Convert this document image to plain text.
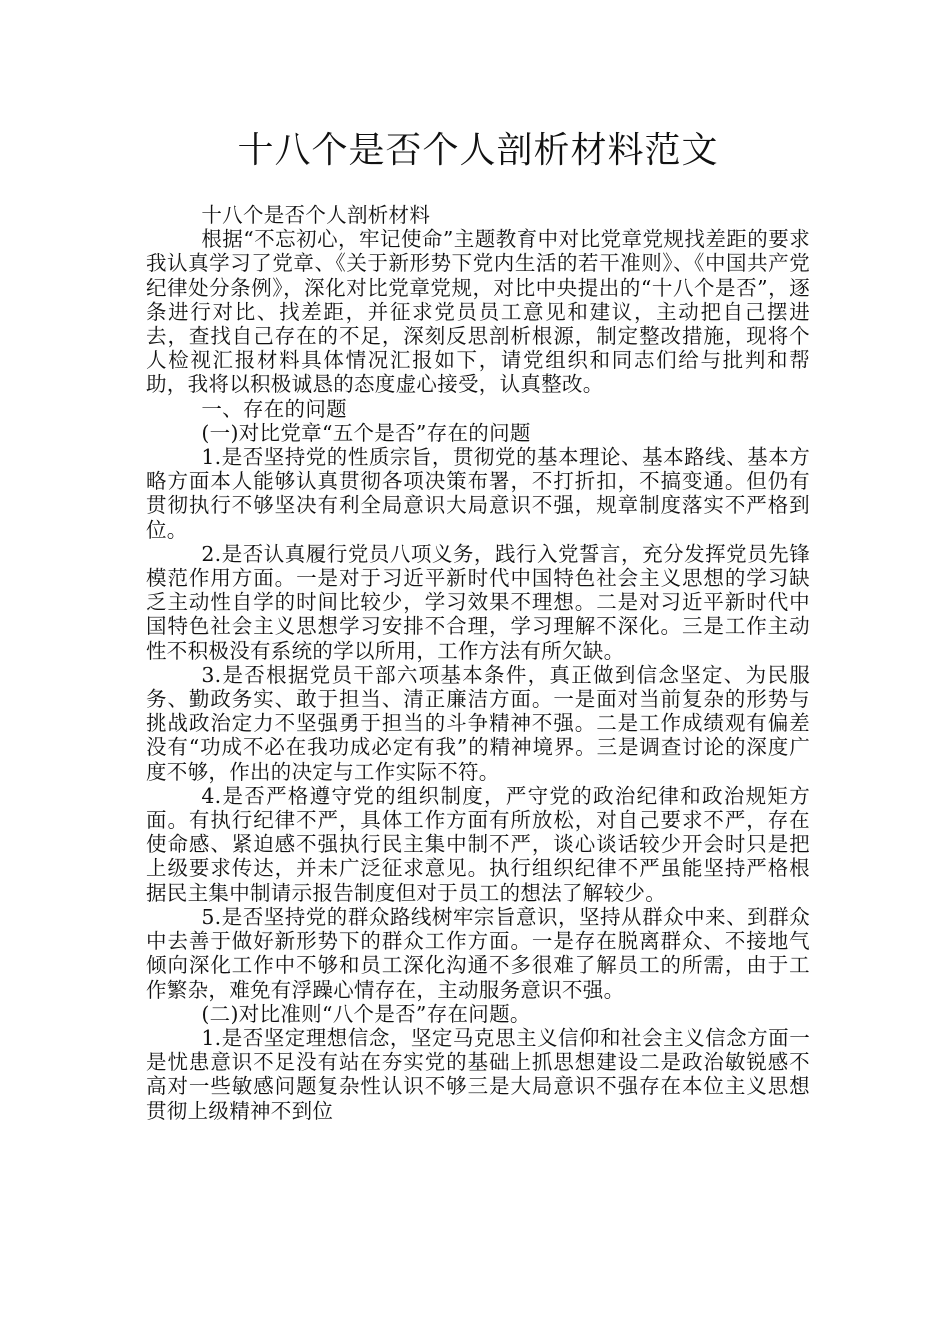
十八个是否个人剖析材料范文

十八个是否个人剖析材料

根据“不忘初心，牢记使命”主题教育中对比党章党规找差距的要求我认真学习了党章、《关于新形势下党内生活的若干准则》、《中国共产党纪律处分条例》，深化对比党章党规，对比中央提出的“十八个是否”，逐条进行对比、找差距，并征求党员员工意见和建议，主动把自己摆进去，查找自己存在的不足，深刻反思剖析根源，制定整改措施，现将个人检视汇报材料具体情况汇报如下，请党组织和同志们给与批判和帮助，我将以积极诚恳的态度虚心接受，认真整改。

一、存在的问题

(一)对比党章“五个是否”存在的问题

1.是否坚持党的性质宗旨，贯彻党的基本理论、基本路线、基本方略方面本人能够认真贯彻各项决策布署，不打折扣，不搞变通。但仍有贯彻执行不够坚决有利全局意识大局意识不强，规章制度落实不严格到位。

2.是否认真履行党员八项义务，践行入党誓言，充分发挥党员先锋模范作用方面。一是对于习近平新时代中国特色社会主义思想的学习缺乏主动性自学的时间比较少，学习效果不理想。二是对习近平新时代中国特色社会主义思想学习安排不合理，学习理解不深化。三是工作主动性不积极没有系统的学以所用，工作方法有所欠缺。

3.是否根据党员干部六项基本条件，真正做到信念坚定、为民服务、勤政务实、敢于担当、清正廉洁方面。一是面对当前复杂的形势与挑战政治定力不坚强勇于担当的斗争精神不强。二是工作成绩观有偏差没有“功成不必在我功成必定有我”的精神境界。三是调查讨论的深度广度不够，作出的决定与工作实际不符。

4.是否严格遵守党的组织制度，严守党的政治纪律和政治规矩方面。有执行纪律不严，具体工作方面有所放松，对自己要求不严，存在使命感、紧迫感不强执行民主集中制不严，谈心谈话较少开会时只是把上级要求传达，并未广泛征求意见。执行组织纪律不严虽能坚持严格根据民主集中制请示报告制度但对于员工的想法了解较少。

5.是否坚持党的群众路线树牢宗旨意识，坚持从群众中来、到群众中去善于做好新形势下的群众工作方面。一是存在脱离群众、不接地气倾向深化工作中不够和员工深化沟通不多很难了解员工的所需，由于工作繁杂，难免有浮躁心情存在，主动服务意识不强。

(二)对比准则“八个是否”存在问题。

1.是否坚定理想信念，坚定马克思主义信仰和社会主义信念方面一是忧患意识不足没有站在夯实党的基础上抓思想建设二是政治敏锐感不高对一些敏感问题复杂性认识不够三是大局意识不强存在本位主义思想贯彻上级精神不到位
